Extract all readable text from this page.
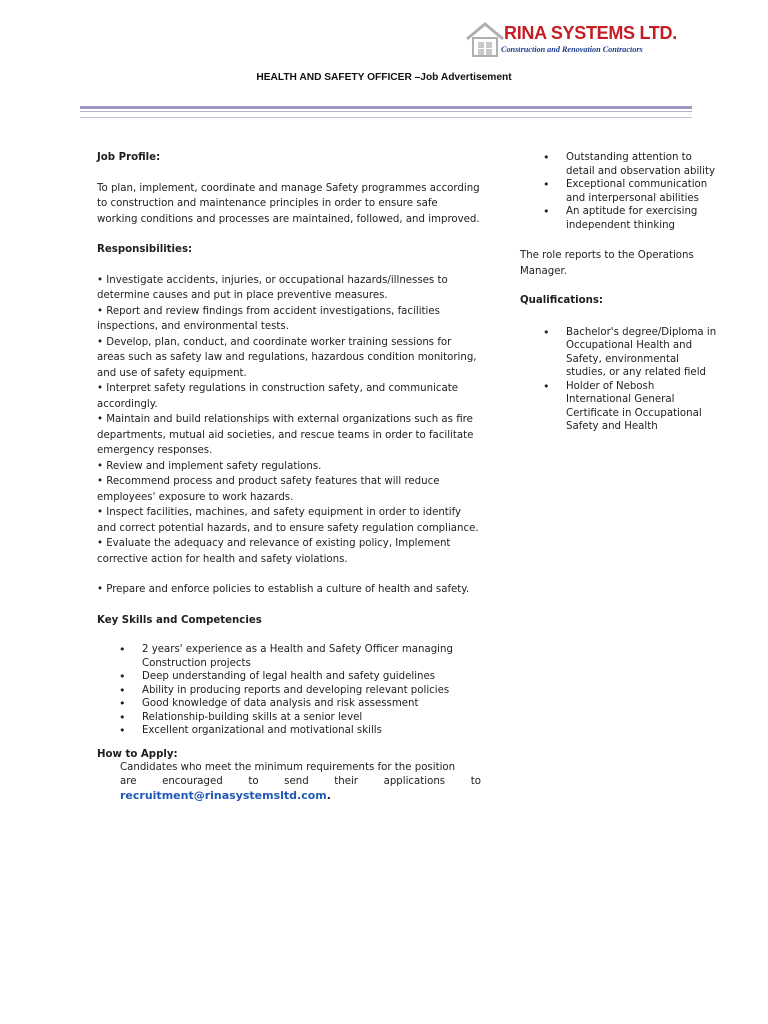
RINA SYSTEMS LTD.
Construction and Renovation Contractors
HEALTH AND SAFETY OFFICER –Job Advertisement

Job Profile:

To plan, implement, coordinate and manage Safety programmes according to construction and maintenance principles in order to ensure safe working conditions and processes are maintained, followed, and improved.

Responsibilities:

• Investigate accidents, injuries, or occupational hazards/illnesses to determine causes and put in place preventive measures.

• Report and review findings from accident investigations, facilities inspections, and environmental tests.

• Develop, plan, conduct, and coordinate worker training sessions for areas such as safety law and regulations, hazardous condition monitoring, and use of safety equipment.

• Interpret safety regulations in construction safety, and communicate accordingly.

• Maintain and build relationships with external organizations such as fire departments, mutual aid societies, and rescue teams in order to facilitate emergency responses.

• Review and implement safety regulations.

• Recommend process and product safety features that will reduce employees' exposure to work hazards.

• Inspect facilities, machines, and safety equipment in order to identify and correct potential hazards, and to ensure safety regulation compliance.

• Evaluate the adequacy and relevance of existing policy, Implement corrective action for health and safety violations.

• Prepare and enforce policies to establish a culture of health and safety.

Key Skills and Competencies

• 2 years' experience as a Health and Safety Officer managing Construction projects
• Deep understanding of legal health and safety guidelines
• Ability in producing reports and developing relevant policies
• Good knowledge of data analysis and risk assessment
• Relationship-building skills at a senior level
• Excellent organizational and motivational skills

How to Apply:

Candidates who meet the minimum requirements for the position

are	encouraged	to	send	their	applications	to

recruitment@rinasystemsltd.com.

• Outstanding attention to detail and observation ability
• Exceptional communication and interpersonal abilities
• An aptitude for exercising independent thinking

The role reports to the Operations Manager.

Qualifications:

• Bachelor's degree/Diploma in Occupational Health and Safety, environmental studies, or any related field
• Holder of Nebosh International General Certificate in Occupational Safety and Health
